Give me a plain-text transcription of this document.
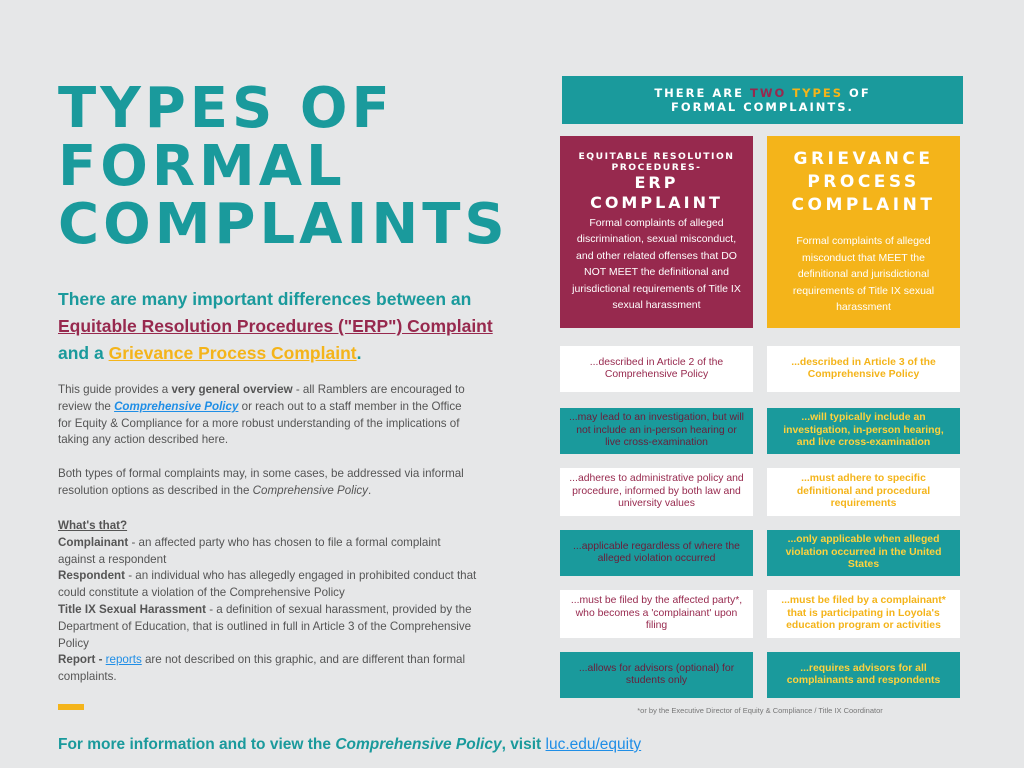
TYPES OF
FORMAL
COMPLAINTS

There are many important differences between an Equitable Resolution Procedures ("ERP") Complaint and a Grievance Process Complaint.

This guide provides a very general overview - all Ramblers are encouraged to review the Comprehensive Policy or reach out to a staff member in the Office for Equity & Compliance for a more robust understanding of the implications of taking any action described here.

Both types of formal complaints may, in some cases, be addressed via informal resolution options as described in the Comprehensive Policy.

What's that?
Complainant - an affected party who has chosen to file a formal complaint against a respondent
Respondent - an individual who has allegedly engaged in prohibited conduct that could constitute a violation of the Comprehensive Policy
Title IX Sexual Harassment - a definition of sexual harassment, provided by the Department of Education, that is outlined in full in Article 3 of the Comprehensive Policy
Report - reports are not described on this graphic, and are different than formal complaints.

For more information and to view the Comprehensive Policy, visit luc.edu/equity

THERE ARE TWO TYPES OF
FORMAL COMPLAINTS.
EQUITABLE RESOLUTION PROCEDURES-
ERP
COMPLAINT
Formal complaints of alleged discrimination, sexual misconduct, and other related offenses that DO NOT MEET the definitional and jurisdictional requirements of Title IX sexual harassment
GRIEVANCE
PROCESS
COMPLAINT
Formal complaints of alleged misconduct that MEET the definitional and jurisdictional requirements of Title IX sexual harassment
...described in Article 2 of the Comprehensive Policy
...described in Article 3 of the Comprehensive Policy
...may lead to an investigation, but will not include an in-person hearing or live cross-examination
...will typically include an investigation, in-person hearing, and live cross-examination
...adheres to administrative policy and procedure, informed by both law and university values
...must adhere to specific definitional and procedural requirements
...applicable regardless of where the alleged violation occurred
...only applicable when alleged violation occurred in the United States
...must be filed by the affected party*, who becomes a 'complainant' upon filing
...must be filed by a complainant* that is participating in Loyola's education program or activities
...allows for advisors (optional) for students only
...requires advisors for all complainants and respondents
*or by the Executive Director of Equity & Compliance / Title IX Coordinator
